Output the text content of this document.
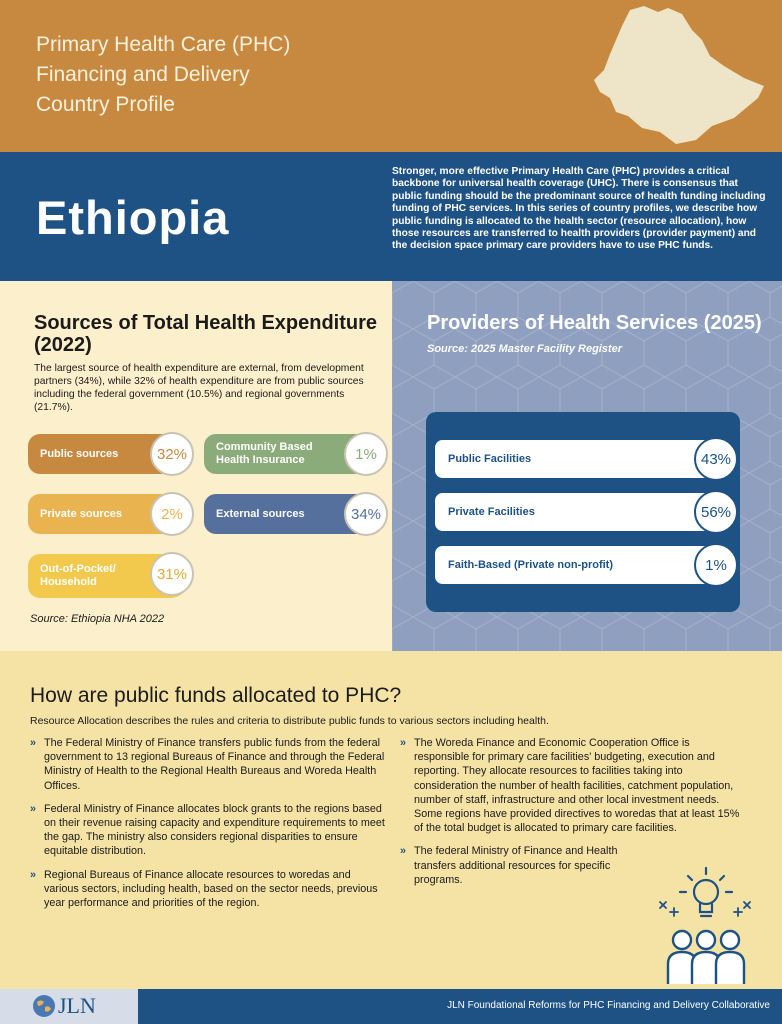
Primary Health Care (PHC)
Financing and Delivery
Country Profile
Ethiopia
Stronger, more effective Primary Health Care (PHC) provides a critical backbone for universal health coverage (UHC). There is consensus that public funding should be the predominant source of health funding including funding of PHC services. In this series of country profiles, we describe how public funding is allocated to the health sector (resource allocation), how those resources are transferred to health providers (provider payment) and the decision space primary care providers have to use PHC funds.
Sources of Total Health Expenditure (2022)
The largest source of health expenditure are external, from development partners (34%), while 32% of health expenditure are from public sources including the federal government (10.5%) and regional governments (21.7%).
Public sources	32%	Community Based Health Insurance	1%
Private sources	2%	External sources	34%
Out-of-Pocket/ Household	31%
Source: Ethiopia NHA 2022
Providers of Health Services (2025)
Source: 2025 Master Facility Register
Public Facilities	43%
Private Facilities	56%
Faith-Based (Private non-profit)	1%
How are public funds allocated to PHC?
Resource Allocation describes the rules and criteria to distribute public funds to various sectors including health.
» The Federal Ministry of Finance transfers public funds from the federal government to 13 regional Bureaus of Finance and through the Federal Ministry of Health to the Regional Health Bureaus and Woreda Health Offices.
» Federal Ministry of Finance allocates block grants to the regions based on their revenue raising capacity and expenditure requirements to meet the gap. The ministry also considers regional disparities to ensure equitable distribution.
» Regional Bureaus of Finance allocate resources to woredas and various sectors, including health, based on the sector needs, previous year performance and priorities of the region.
» The Woreda Finance and Economic Cooperation Office is responsible for primary care facilities' budgeting, execution and reporting. They allocate resources to facilities taking into consideration the number of health facilities, catchment population, number of staff, infrastructure and other local investment needs. Some regions have provided directives to woredas that at least 15% of the total budget is allocated to primary care facilities.
» The federal Ministry of Finance and Health transfers additional resources for specific programs.
JLN	JLN Foundational Reforms for PHC Financing and Delivery Collaborative
